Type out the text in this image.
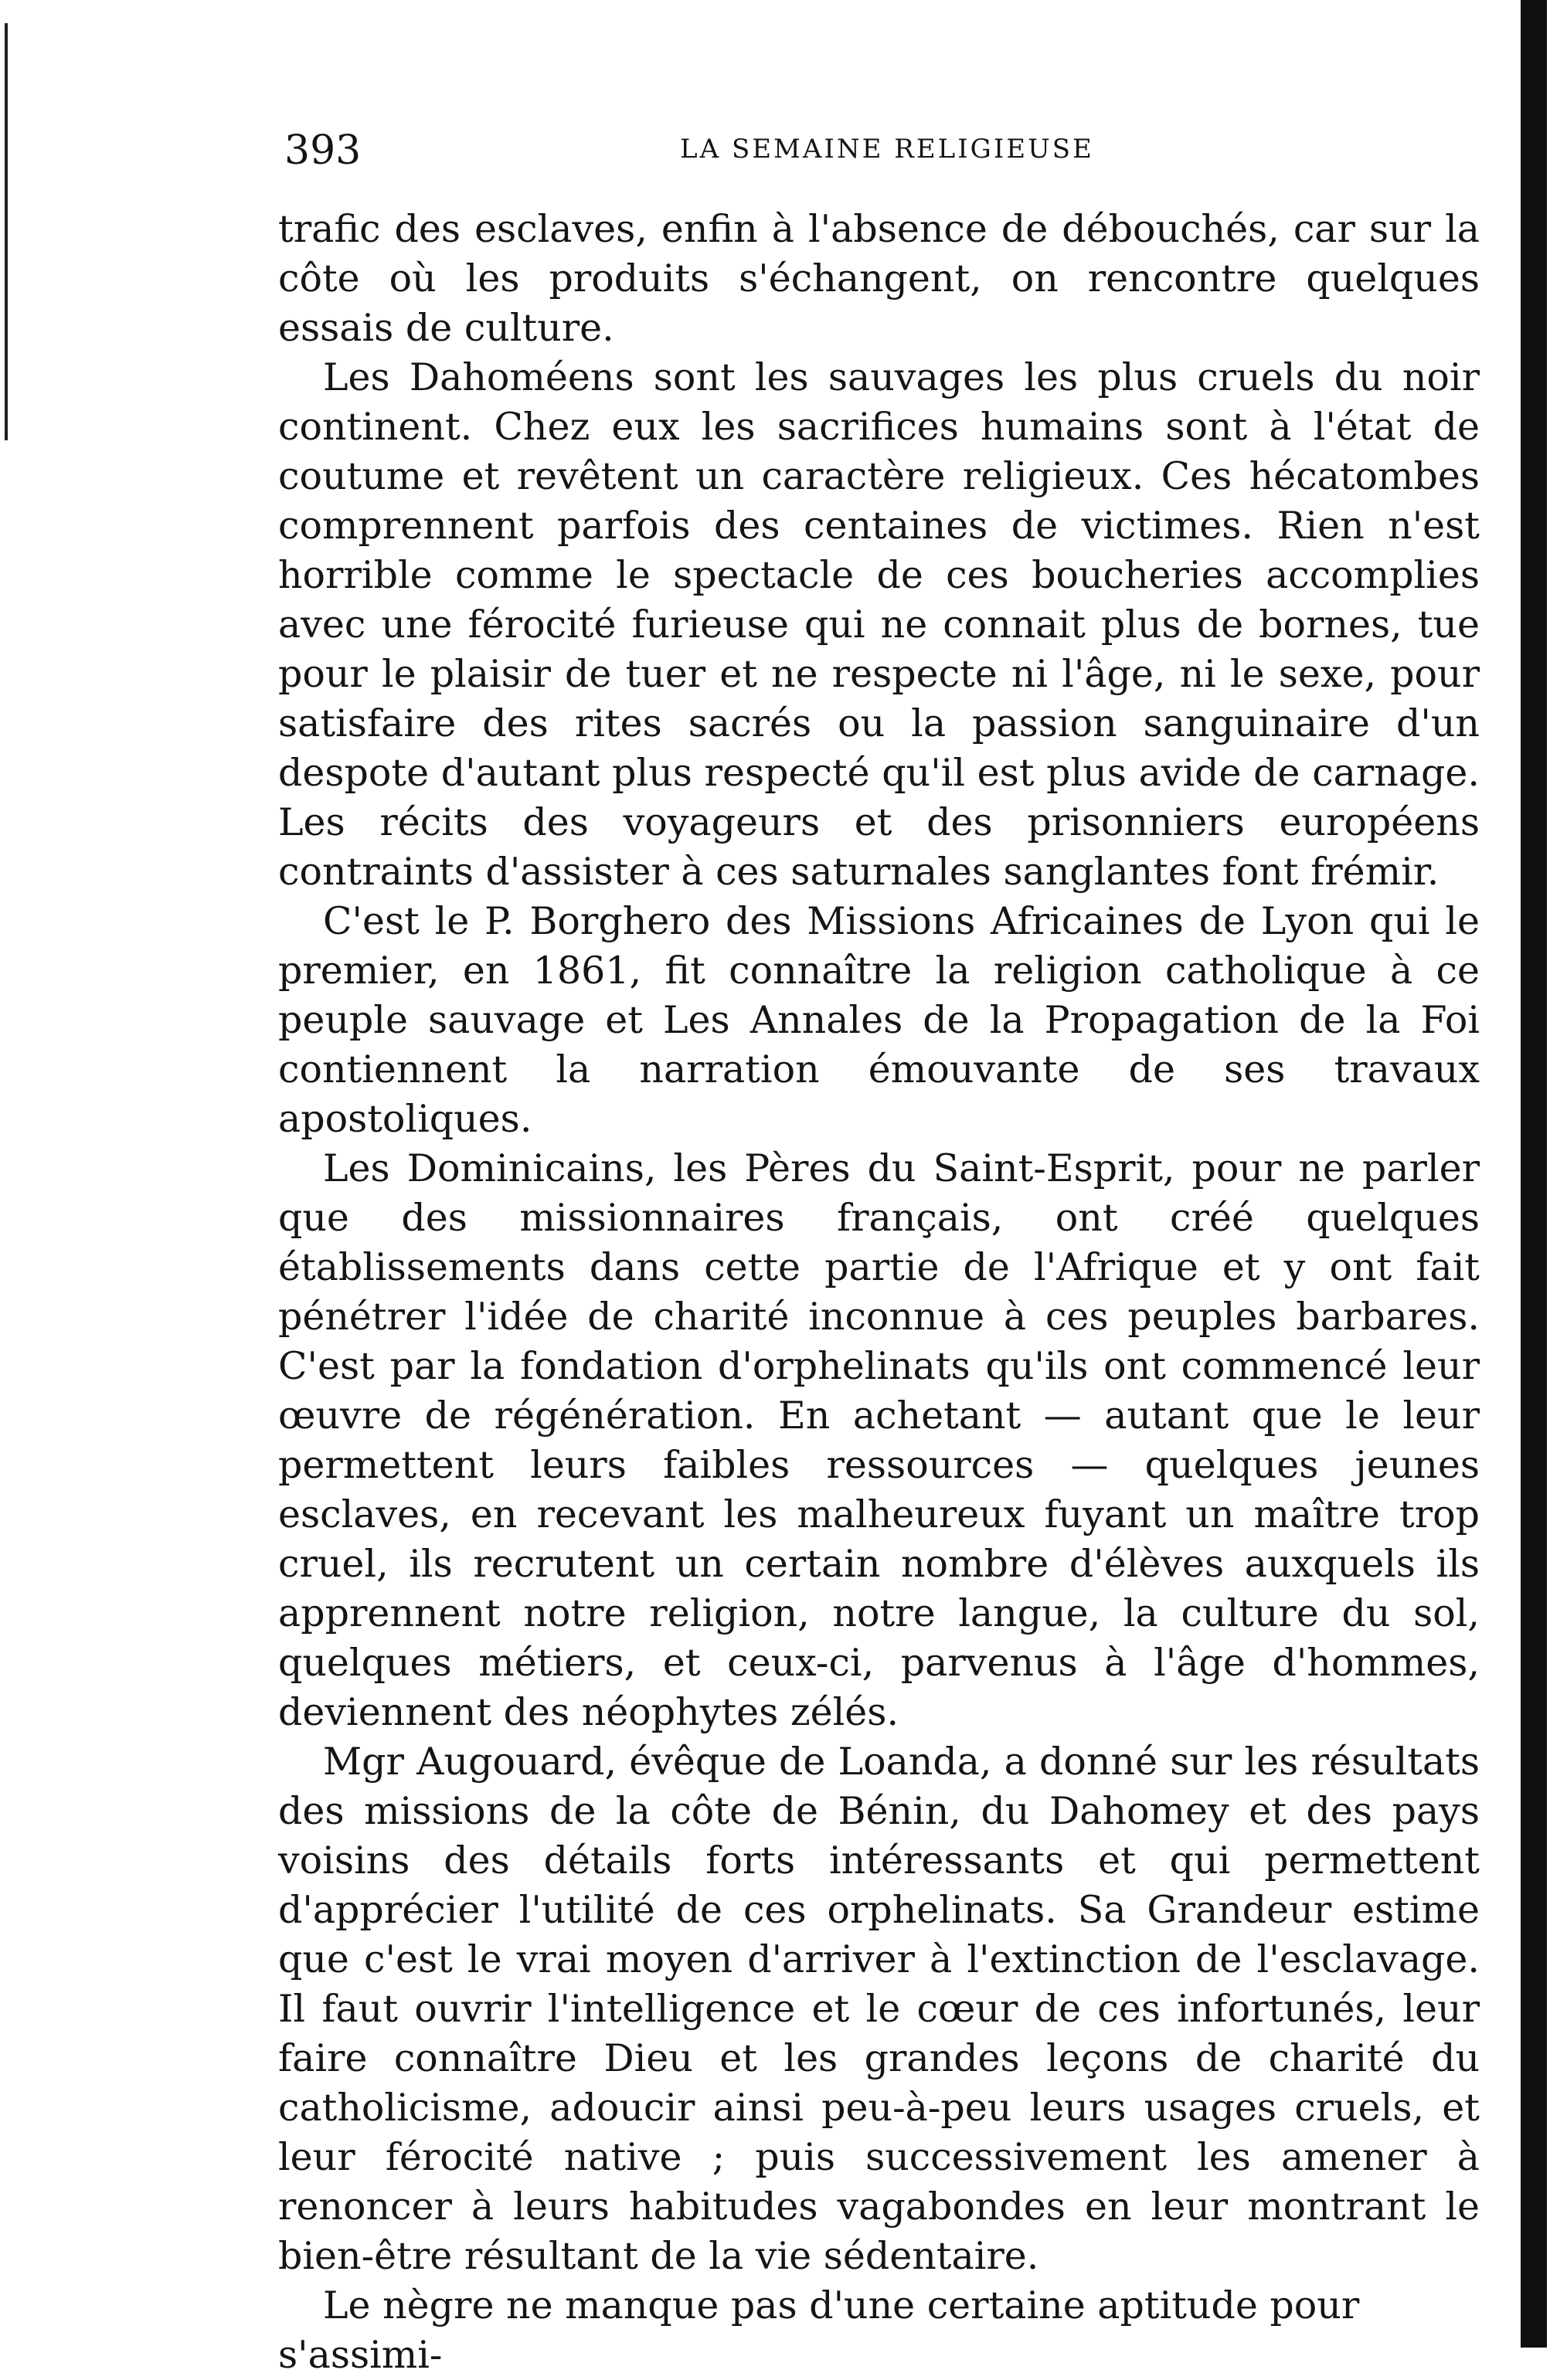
393	LA SEMAINE RELIGIEUSE

trafic des esclaves, enfin à l'absence de débouchés, car sur la côte où les produits s'échangent, on rencontre quelques essais de culture.

Les Dahoméens sont les sauvages les plus cruels du noir continent. Chez eux les sacrifices humains sont à l'état de coutume et revêtent un caractère religieux. Ces hécatombes comprennent parfois des centaines de victimes. Rien n'est horrible comme le spectacle de ces boucheries accomplies avec une férocité furieuse qui ne connait plus de bornes, tue pour le plaisir de tuer et ne respecte ni l'âge, ni le sexe, pour satisfaire des rites sacrés ou la passion sanguinaire d'un despote d'autant plus respecté qu'il est plus avide de carnage. Les récits des voyageurs et des prisonniers européens contraints d'assister à ces saturnales sanglantes font frémir.

C'est le P. Borghero des Missions Africaines de Lyon qui le premier, en 1861, fit connaître la religion catholique à ce peuple sauvage et Les Annales de la Propagation de la Foi contiennent la narration émouvante de ses travaux apostoliques.

Les Dominicains, les Pères du Saint-Esprit, pour ne parler que des missionnaires français, ont créé quelques établissements dans cette partie de l'Afrique et y ont fait pénétrer l'idée de charité inconnue à ces peuples barbares. C'est par la fondation d'orphelinats qu'ils ont commencé leur œuvre de régénération. En achetant — autant que le leur permettent leurs faibles ressources — quelques jeunes esclaves, en recevant les malheureux fuyant un maître trop cruel, ils recrutent un certain nombre d'élèves auxquels ils apprennent notre religion, notre langue, la culture du sol, quelques métiers, et ceux-ci, parvenus à l'âge d'hommes, deviennent des néophytes zélés.

Mgr Augouard, évêque de Loanda, a donné sur les résultats des missions de la côte de Bénin, du Dahomey et des pays voisins des détails forts intéressants et qui permettent d'apprécier l'utilité de ces orphelinats. Sa Grandeur estime que c'est le vrai moyen d'arriver à l'extinction de l'esclavage. Il faut ouvrir l'intelligence et le cœur de ces infortunés, leur faire connaître Dieu et les grandes leçons de charité du catholicisme, adoucir ainsi peu-à-peu leurs usages cruels, et leur férocité native ; puis successivement les amener à renoncer à leurs habitudes vagabondes en leur montrant le bien-être résultant de la vie sédentaire.

Le nègre ne manque pas d'une certaine aptitude pour s'assimi-
